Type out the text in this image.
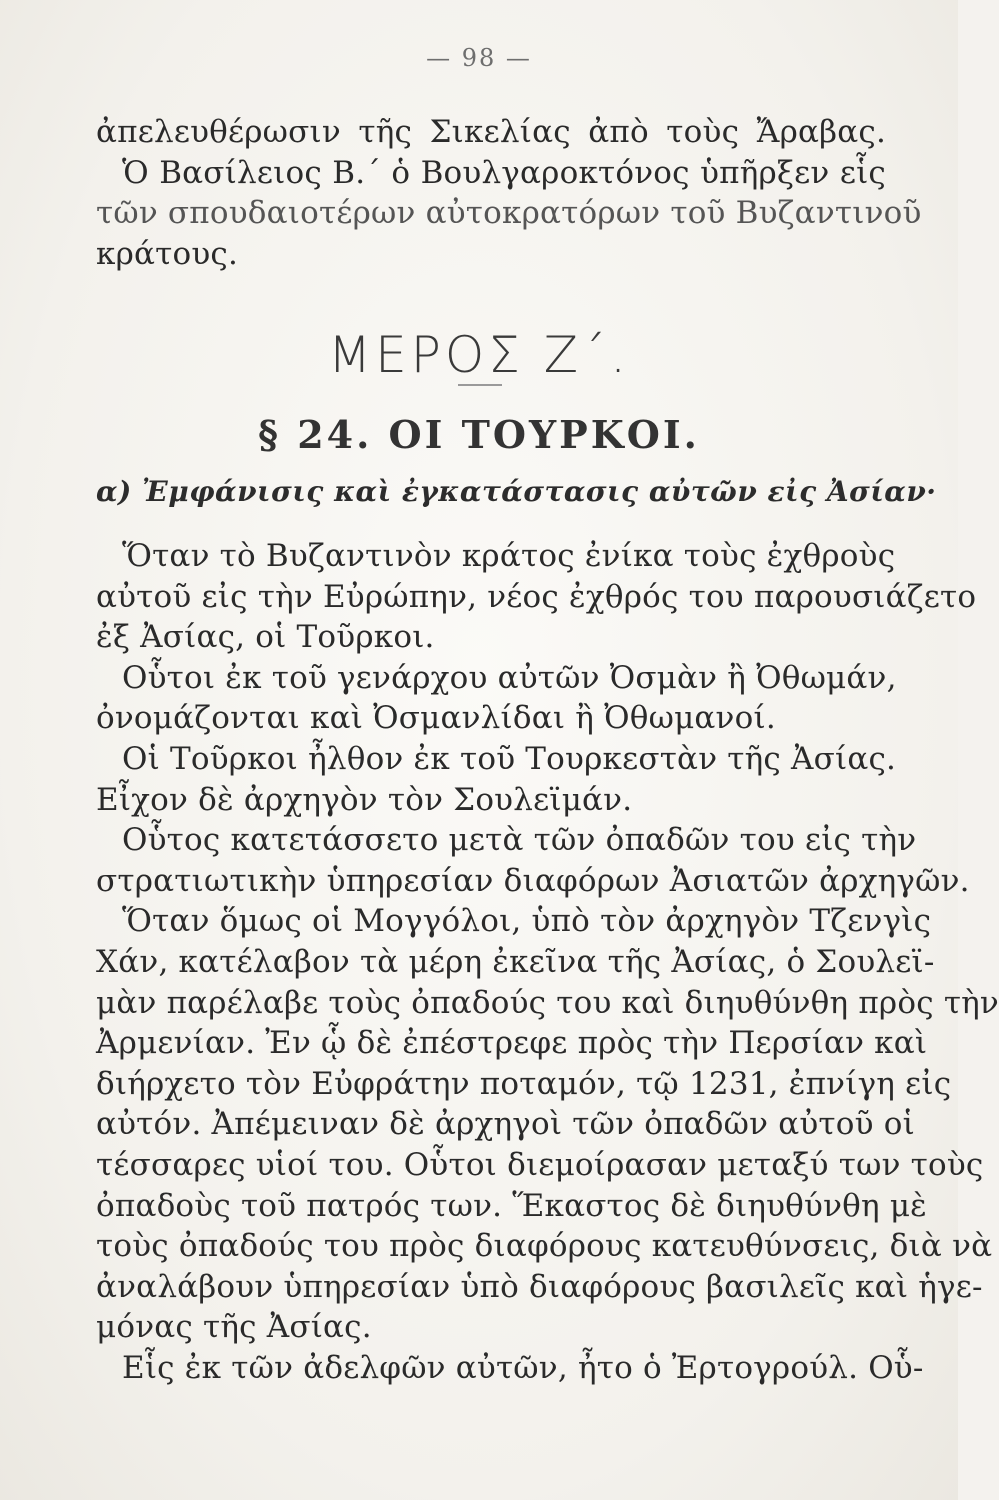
— 98 —
ἀπελευθέρωσιν τῆς Σικελίας ἀπὸ τοὺς Ἄραβας.
Ὁ Βασίλειος Β.΄ ὁ Βουλγαροκτόνος ὑπῆρξεν εἷς
τῶν σπουδαιοτέρων αὐτοκρατόρων τοῦ Βυζαντινοῦ
κράτους.
ΜΕΡΟΣ Ζ΄.
§ 24. ΟΙ ΤΟΥΡΚΟΙ.
α) Ἐμφάνισις καὶ ἐγκατάστασις αὐτῶν εἰς Ἀσίαν·
Ὅταν τὸ Βυζαντινὸν κράτος ἐνίκα τοὺς ἐχθροὺς
αὐτοῦ εἰς τὴν Εὐρώπην, νέος ἐχθρός του παρουσιάζετο
ἐξ Ἀσίας, οἱ Τοῦρκοι.
Οὗτοι ἐκ τοῦ γενάρχου αὐτῶν Ὀσμὰν ἢ Ὀθωμάν,
ὀνομάζονται καὶ Ὀσμανλίδαι ἢ Ὀθωμανοί.
Οἱ Τοῦρκοι ἦλθον ἐκ τοῦ Τουρκεστὰν τῆς Ἀσίας.
Εἶχον δὲ ἀρχηγὸν τὸν Σουλεϊμάν.
Οὗτος κατετάσσετο μετὰ τῶν ὀπαδῶν του εἰς τὴν
στρατιωτικὴν ὑπηρεσίαν διαφόρων Ἀσιατῶν ἀρχηγῶν.
Ὅταν ὅμως οἱ Μογγόλοι, ὑπὸ τὸν ἀρχηγὸν Τζενγὶς
Χάν, κατέλαβον τὰ μέρη ἐκεῖνα τῆς Ἀσίας, ὁ Σουλεϊ-
μὰν παρέλαβε τοὺς ὀπαδούς του καὶ διηυθύνθη πρὸς τὴν
Ἀρμενίαν. Ἐν ᾧ δὲ ἐπέστρεφε πρὸς τὴν Περσίαν καὶ
διήρχετο τὸν Εὐφράτην ποταμόν, τῷ 1231, ἐπνίγη εἰς
αὐτόν. Ἀπέμειναν δὲ ἀρχηγοὶ τῶν ὀπαδῶν αὐτοῦ οἱ
τέσσαρες υἱοί του. Οὗτοι διεμοίρασαν μεταξύ των τοὺς
ὀπαδοὺς τοῦ πατρός των. Ἕκαστος δὲ διηυθύνθη μὲ
τοὺς ὀπαδούς του πρὸς διαφόρους κατευθύνσεις, διὰ νὰ
ἀναλάβουν ὑπηρεσίαν ὑπὸ διαφόρους βασιλεῖς καὶ ἡγε-
μόνας τῆς Ἀσίας.
Εἷς ἐκ τῶν ἀδελφῶν αὐτῶν, ἦτο ὁ Ἐρτογρούλ. Οὗ-
